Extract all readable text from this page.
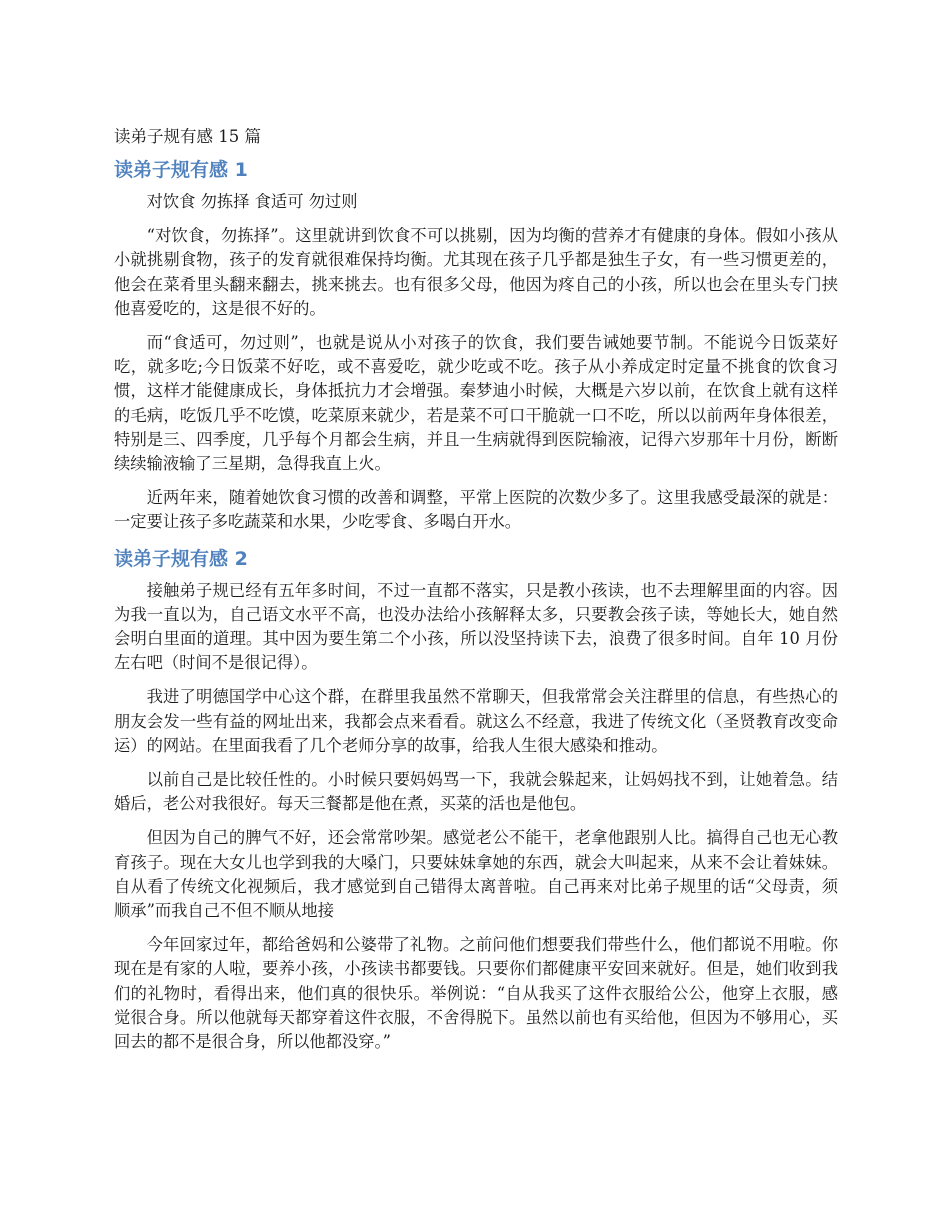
读弟子规有感 15 篇
读弟子规有感 1

对饮食 勿拣择 食适可 勿过则

“对饮食，勿拣择”。这里就讲到饮食不可以挑剔，因为均衡的营养才有健康的身体。假如小孩从小就挑剔食物，孩子的发育就很难保持均衡。尤其现在孩子几乎都是独生子女，有一些习惯更差的，他会在菜肴里头翻来翻去，挑来挑去。也有很多父母，他因为疼自己的小孩，所以也会在里头专门挟他喜爱吃的，这是很不好的。

而“食适可，勿过则”，也就是说从小对孩子的饮食，我们要告诫她要节制。不能说今日饭菜好吃，就多吃;今日饭菜不好吃，或不喜爱吃，就少吃或不吃。孩子从小养成定时定量不挑食的饮食习惯，这样才能健康成长，身体抵抗力才会增强。秦梦迪小时候，大概是六岁以前，在饮食上就有这样的毛病，吃饭几乎不吃馍，吃菜原来就少，若是菜不可口干脆就一口不吃，所以以前两年身体很差，特别是三、四季度，几乎每个月都会生病，并且一生病就得到医院输液，记得六岁那年十月份，断断续续输液输了三星期，急得我直上火。

近两年来，随着她饮食习惯的改善和调整，平常上医院的次数少多了。这里我感受最深的就是：一定要让孩子多吃蔬菜和水果，少吃零食、多喝白开水。

读弟子规有感 2

接触弟子规已经有五年多时间，不过一直都不落实，只是教小孩读，也不去理解里面的内容。因为我一直以为，自己语文水平不高，也没办法给小孩解释太多，只要教会孩子读，等她长大，她自然会明白里面的道理。其中因为要生第二个小孩，所以没坚持读下去，浪费了很多时间。自年 10 月份左右吧（时间不是很记得）。

我进了明德国学中心这个群，在群里我虽然不常聊天，但我常常会关注群里的信息，有些热心的朋友会发一些有益的网址出来，我都会点来看看。就这么不经意，我进了传统文化（圣贤教育改变命运）的网站。在里面我看了几个老师分享的故事，给我人生很大感染和推动。

以前自己是比较任性的。小时候只要妈妈骂一下，我就会躲起来，让妈妈找不到，让她着急。结婚后，老公对我很好。每天三餐都是他在煮，买菜的活也是他包。

但因为自己的脾气不好，还会常常吵架。感觉老公不能干，老拿他跟别人比。搞得自己也无心教育孩子。现在大女儿也学到我的大嗓门，只要妹妹拿她的东西，就会大叫起来，从来不会让着妹妹。自从看了传统文化视频后，我才感觉到自己错得太离普啦。自己再来对比弟子规里的话“父母责，须顺承”而我自己不但不顺从地接

今年回家过年，都给爸妈和公婆带了礼物。之前问他们想要我们带些什么，他们都说不用啦。你现在是有家的人啦，要养小孩，小孩读书都要钱。只要你们都健康平安回来就好。但是，她们收到我们的礼物时，看得出来，他们真的很快乐。举例说：“自从我买了这件衣服给公公，他穿上衣服，感觉很合身。所以他就每天都穿着这件衣服，不舍得脱下。虽然以前也有买给他，但因为不够用心，买回去的都不是很合身，所以他都没穿。”
